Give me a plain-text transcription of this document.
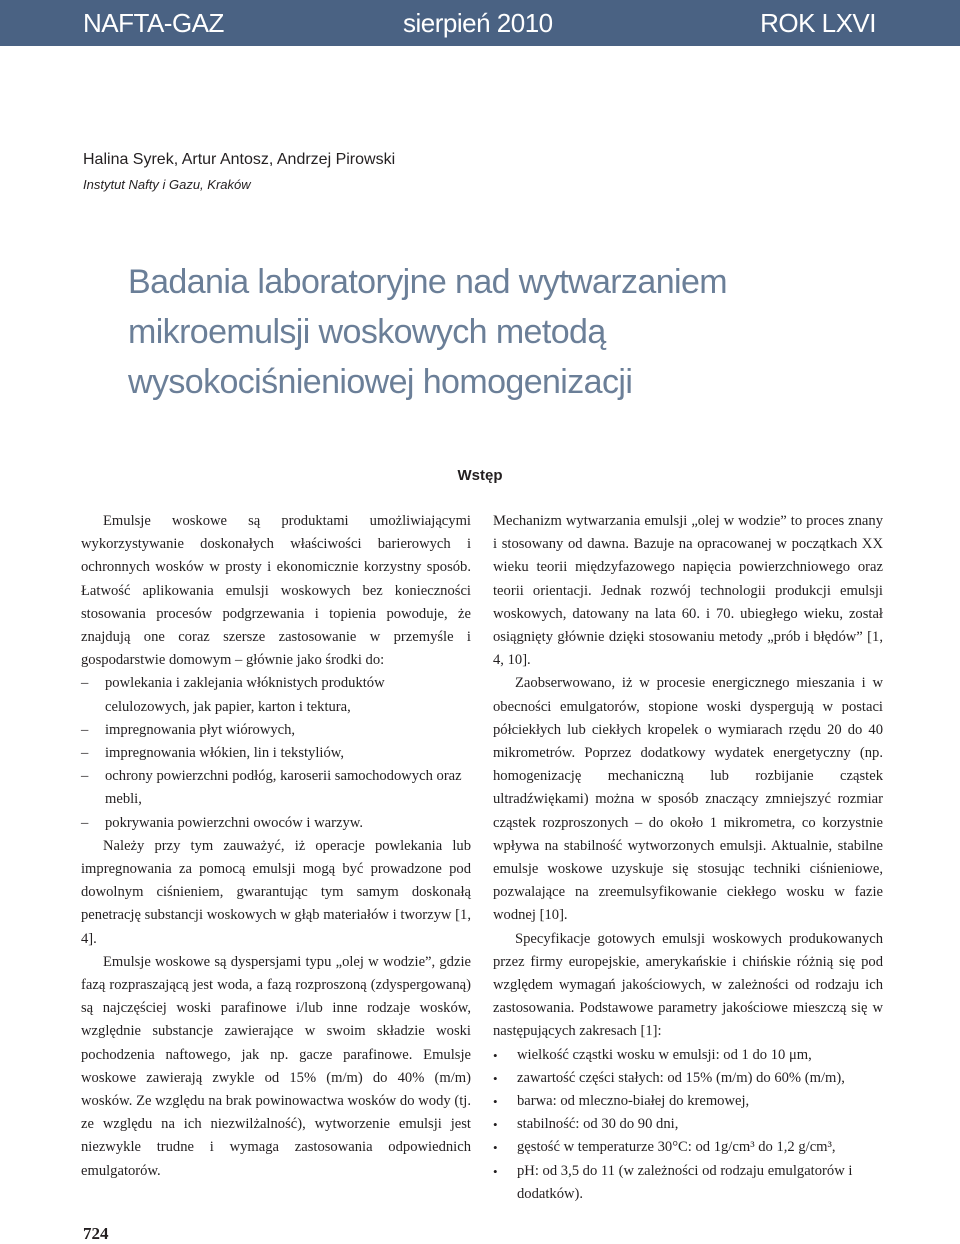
NAFTA-GAZ	sierpień 2010	ROK LXVI
Halina Syrek, Artur Antosz, Andrzej Pirowski
Instytut Nafty i Gazu, Kraków
Badania laboratoryjne nad wytwarzaniem
mikroemulsji woskowych metodą
wysokociśnieniowej homogenizacji
Wstęp

Emulsje woskowe są produktami umożliwiającymi wykorzystywanie doskonałych właściwości barierowych i ochronnych wosków w prosty i ekonomicznie korzystny sposób. Łatwość aplikowania emulsji woskowych bez konieczności stosowania procesów podgrzewania i topienia powoduje, że znajdują one coraz szersze zastosowanie w przemyśle i gospodarstwie domowym – głównie jako środki do:

– powlekania i zaklejania włóknistych produktów celulozowych, jak papier, karton i tektura,
– impregnowania płyt wiórowych,
– impregnowania włókien, lin i tekstyliów,
– ochrony powierzchni podłóg, karoserii samochodowych oraz mebli,
– pokrywania powierzchni owoców i warzyw.

Należy przy tym zauważyć, iż operacje powlekania lub impregnowania za pomocą emulsji mogą być prowadzone pod dowolnym ciśnieniem, gwarantując tym samym doskonałą penetrację substancji woskowych w głąb materiałów i tworzyw [1, 4].

Emulsje woskowe są dyspersjami typu „olej w wodzie”, gdzie fazą rozpraszającą jest woda, a fazą rozproszoną (zdyspergowaną) są najczęściej woski parafinowe i/lub inne rodzaje wosków, względnie substancje zawierające w swoim składzie woski pochodzenia naftowego, jak np. gacze parafinowe. Emulsje woskowe zawierają zwykle od 15% (m/m) do 40% (m/m) wosków. Ze względu na brak powinowactwa wosków do wody (tj. ze względu na ich niezwilżalność), wytworzenie emulsji jest niezwykle trudne i wymaga zastosowania odpowiednich emulgatorów.

Mechanizm wytwarzania emulsji „olej w wodzie” to proces znany i stosowany od dawna. Bazuje na opracowanej w początkach XX wieku teorii międzyfazowego napięcia powierzchniowego oraz teorii orientacji. Jednak rozwój technologii produkcji emulsji woskowych, datowany na lata 60. i 70. ubiegłego wieku, został osiągnięty głównie dzięki stosowaniu metody „prób i błędów” [1, 4, 10].

Zaobserwowano, iż w procesie energicznego mieszania i w obecności emulgatorów, stopione woski dyspergują w postaci półciekłych lub ciekłych kropelek o wymiarach rzędu 20 do 40 mikrometrów. Poprzez dodatkowy wydatek energetyczny (np. homogenizację mechaniczną lub rozbijanie cząstek ultradźwiękami) można w sposób znaczący zmniejszyć rozmiar cząstek rozproszonych – do około 1 mikrometra, co korzystnie wpływa na stabilność wytworzonych emulsji. Aktualnie, stabilne emulsje woskowe uzyskuje się stosując techniki ciśnieniowe, pozwalające na zreemulsyfikowanie ciekłego wosku w fazie wodnej [10].

Specyfikacje gotowych emulsji woskowych produkowanych przez firmy europejskie, amerykańskie i chińskie różnią się pod względem wymagań jakościowych, w zależności od rodzaju ich zastosowania. Podstawowe parametry jakościowe mieszczą się w następujących zakresach [1]:

• wielkość cząstki wosku w emulsji: od 1 do 10 μm,
• zawartość części stałych: od 15% (m/m) do 60% (m/m),
• barwa: od mleczno-białej do kremowej,
• stabilność: od 30 do 90 dni,
• gęstość w temperaturze 30°C: od 1g/cm³ do 1,2 g/cm³,
• pH: od 3,5 do 11 (w zależności od rodzaju emulgatorów i dodatków).
724
